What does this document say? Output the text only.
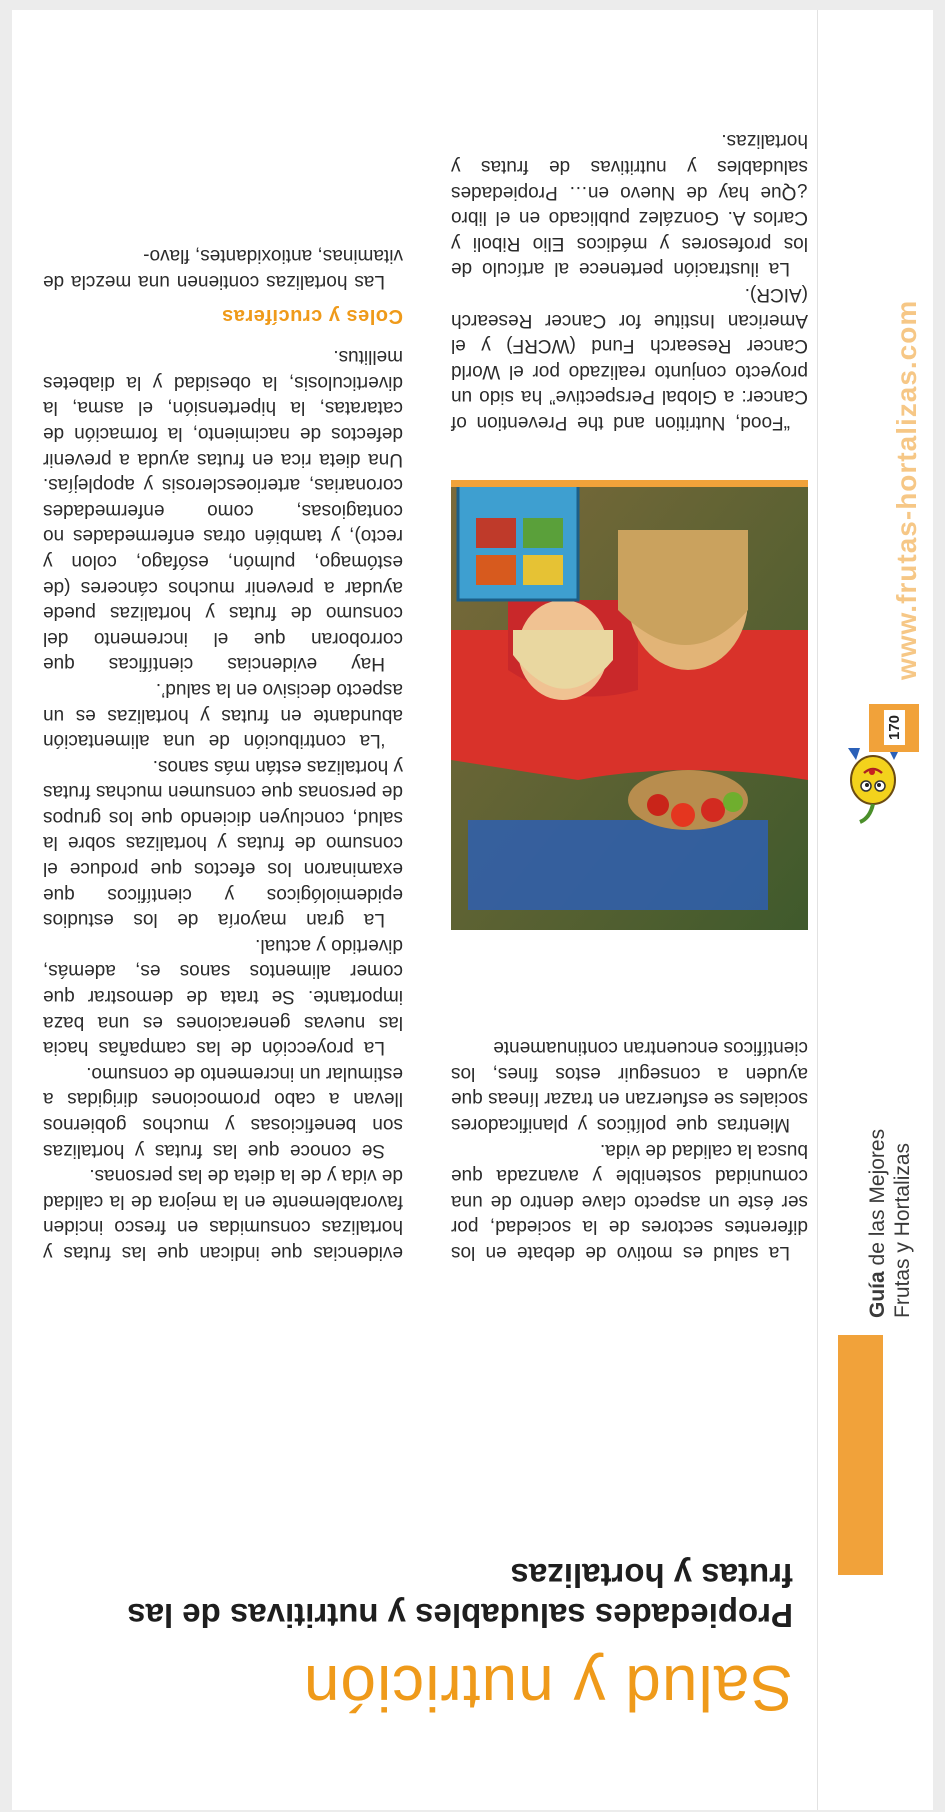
Guía de las Mejores
Frutas y Hortalizas
170
www.frutas-hortalizas.com
Salud y nutrición
Propiedades saludables y nutritivas de las frutas y hortalizas

La salud es motivo de debate en los diferentes sectores de la sociedad, por ser éste un aspecto clave dentro de una comunidad sostenible y avanzada que busca la calidad de vida.

Mientras que políticos y planificadores sociales se esfuerzan en trazar líneas que ayuden a conseguir estos fines, los científicos encuentran continuamente

“Food, Nutrition and the Prevention of Cancer: a Global Perspective” ha sido un proyecto conjunto realizado por el World Cancer Research Fund (WCRF) y el American Institue for Cancer Research (AICR).

La ilustración pertenece al artículo de los profesores y médicos Elio Riboli y Carlos A. González publicado en el libro ¿Que hay de Nuevo en… Propiedades saludables y nutritivas de frutas y hortalizas.

evidencias que indican que las frutas y hortalizas consumidas en fresco inciden favorablemente en la mejora de la calidad de vida y de la dieta de las personas.

Se conoce que las frutas y hortalizas son beneficiosas y muchos gobiernos llevan a cabo promociones dirigidas a estimular un incremento de consumo.

La proyección de las campañas hacia las nuevas generaciones es una baza importante. Se trata de demostrar que comer alimentos sanos es, además, divertido y actual.

La gran mayoría de los estudios epidemiológicos y científicos que examinaron los efectos que produce el consumo de frutas y hortalizas sobre la salud, concluyen diciendo que los grupos de personas que consumen muchas frutas y hortalizas están más sanos.

‘La contribución de una alimentación abundante en frutas y hortalizas es un aspecto decisivo en la salud’.

Hay evidencias científicas que corroboran que el incremento del consumo de frutas y hortalizas puede ayudar a prevenir muchos cánceres (de estómago, pulmón, esófago, colon y recto), y también otras enfermedades no contagiosas, como enfermedades coronarias, arterioesclerosis y apoplejías. Una dieta rica en frutas ayuda a prevenir defectos de nacimiento, la formación de cataratas, la hipertensión, el asma, la diverticulosis, la obesidad y la diabetes mellitus.

Coles y crucíferas

Las hortalizas contienen una mezcla de vitaminas, antioxidantes, flavo-
